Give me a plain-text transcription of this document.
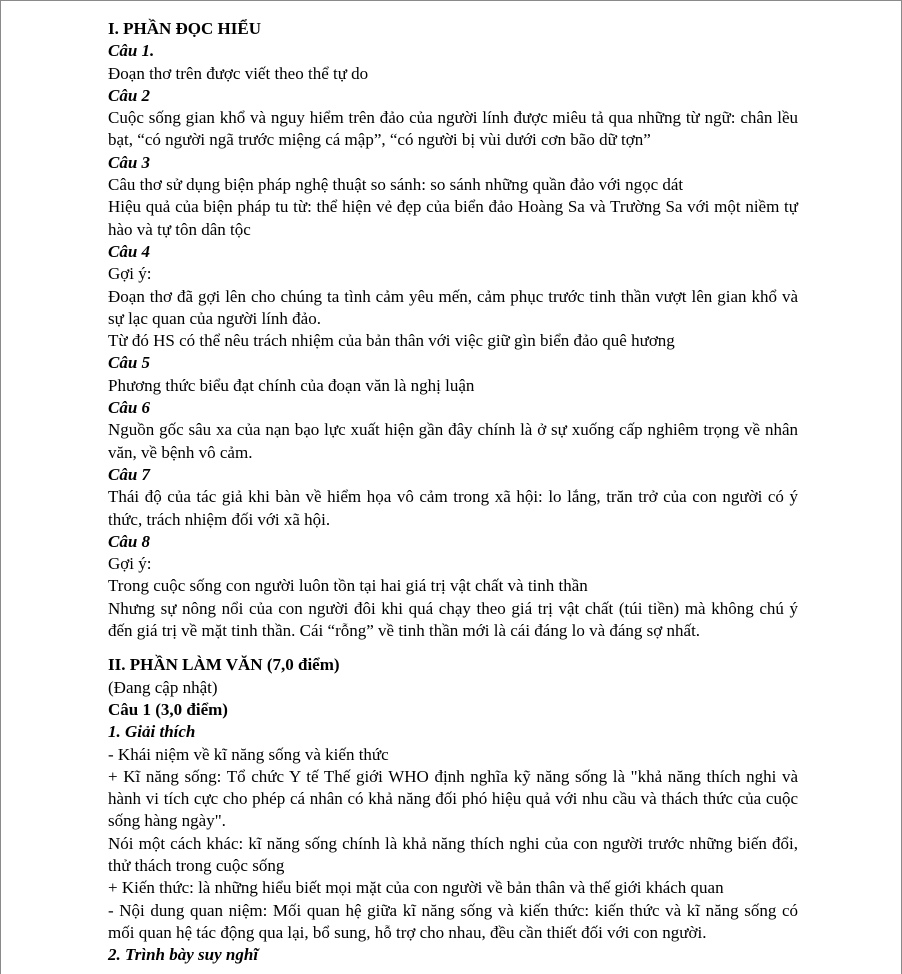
I. PHẦN ĐỌC HIỂU

Câu 1.

Đoạn thơ trên được viết theo thể tự do

Câu 2

Cuộc sống gian khổ và nguy hiểm trên đảo của người lính được miêu tả qua những từ ngữ: chân lều bạt, “có người ngã trước miệng cá mập”, “có người bị vùi dưới cơn bão dữ tợn”

Câu 3

Câu thơ sử dụng biện pháp nghệ thuật so sánh: so sánh những quần đảo với ngọc dát

Hiệu quả của biện pháp tu từ: thể hiện vẻ đẹp của biển đảo Hoàng Sa và Trường Sa với một niềm tự hào và tự tôn dân tộc

Câu 4

Gợi ý:

Đoạn thơ đã gợi lên cho chúng ta tình cảm yêu mến, cảm phục trước tinh thần vượt lên gian khổ và sự lạc quan của người lính đảo.

Từ đó HS có thể nêu trách nhiệm của bản thân với việc giữ gìn biển đảo quê hương

Câu 5

Phương thức biểu đạt chính của đoạn văn là nghị luận

Câu 6

Nguồn gốc sâu xa của nạn bạo lực xuất hiện gần đây chính là ở sự xuống cấp nghiêm trọng về nhân văn, về bệnh vô cảm.

Câu 7

Thái độ của tác giả khi bàn về hiểm họa vô cảm trong xã hội: lo lắng, trăn trở của con người có ý thức, trách nhiệm đối với xã hội.

Câu 8

Gợi ý:

Trong cuộc sống con người luôn tồn tại hai giá trị vật chất và tinh thần

Nhưng sự nông nổi của con người đôi khi quá chạy theo giá trị vật chất (túi tiền) mà không chú ý đến giá trị về mặt tinh thần. Cái “rỗng” về tinh thần mới là cái đáng lo và đáng sợ nhất.

II. PHẦN LÀM VĂN (7,0 điểm)

(Đang cập nhật)

Câu 1 (3,0 điểm)

1. Giải thích

- Khái niệm về kĩ năng sống và kiến thức

+ Kĩ năng sống: Tổ chức Y tế Thế giới WHO định nghĩa kỹ năng sống là "khả năng thích nghi và hành vi tích cực cho phép cá nhân có khả năng đối phó hiệu quả với nhu cầu và thách thức của cuộc sống hàng ngày".

Nói một cách khác: kĩ năng sống chính là khả năng thích nghi của con người trước những biến đổi, thử thách trong cuộc sống

+ Kiến thức: là những hiểu biết mọi mặt của con người về bản thân và thế giới khách quan

- Nội dung quan niệm: Mối quan hệ giữa kĩ năng sống và kiến thức: kiến thức và kĩ năng sống có mối quan hệ tác động qua lại, bổ sung, hỗ trợ cho nhau, đều cần thiết đối với con người.

2. Trình bày suy nghĩ
